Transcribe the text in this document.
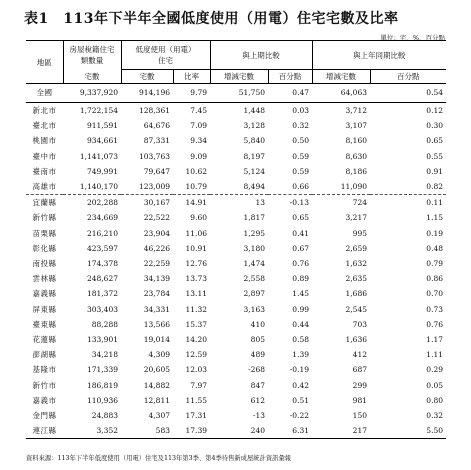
表1　113年下半年全國低度使用（用電）住宅宅數及比率
單位：宅、%、百分點
地區	房屋稅籍住宅類數量	低度使用（用電）住宅		與上期比較		與上年同期比較	
	宅數	宅數	比率	增減宅數	百分點	增減宅數	百分點
全國	9,337,920	914,196	9.79	51,750	0.47	64,063	0.54
新北市	1,722,154	128,361	7.45	1,448	0.03	3,712	0.12
臺北市	911,591	64,676	7.09	3,128	0.32	3,107	0.30
桃園市	934,661	87,331	9.34	5,840	0.50	8,160	0.65
臺中市	1,141,073	103,763	9.09	8,197	0.59	8,630	0.55
臺南市	749,991	79,647	10.62	5,124	0.59	8,186	0.91
高雄市	1,140,170	123,009	10.79	8,494	0.66	11,090	0.82
宜蘭縣	202,288	30,167	14.91	13	-0.13	724	0.11
新竹縣	234,669	22,522	9.60	1,817	0.65	3,217	1.15
苗栗縣	216,210	23,904	11.06	1,295	0.41	995	0.19
彰化縣	423,597	46,226	10.91	3,180	0.67	2,659	0.48
南投縣	174,378	22,259	12.76	1,474	0.76	1,632	0.79
雲林縣	248,627	34,139	13.73	2,558	0.89	2,635	0.86
嘉義縣	181,372	23,784	13.11	2,897	1.45	1,686	0.70
屏東縣	303,403	34,331	11.32	3,163	0.99	2,545	0.73
臺東縣	88,288	13,566	15.37	410	0.44	703	0.76
花蓮縣	133,901	19,014	14.20	805	0.58	1,636	1.17
澎湖縣	34,218	4,309	12.59	489	1.39	412	1.11
基隆市	171,339	20,605	12.03	-268	-0.19	687	0.29
新竹市	186,819	14,882	7.97	847	0.42	299	0.05
嘉義市	110,936	12,811	11.55	612	0.51	981	0.80
金門縣	24,883	4,307	17.31	-13	-0.22	150	0.32
連江縣	3,352	583	17.39	240	6.31	217	5.50
資料來源：113年下半年低度使用（用電）住宅及113年第3季、第4季待售新成屋統計資訊彙報
